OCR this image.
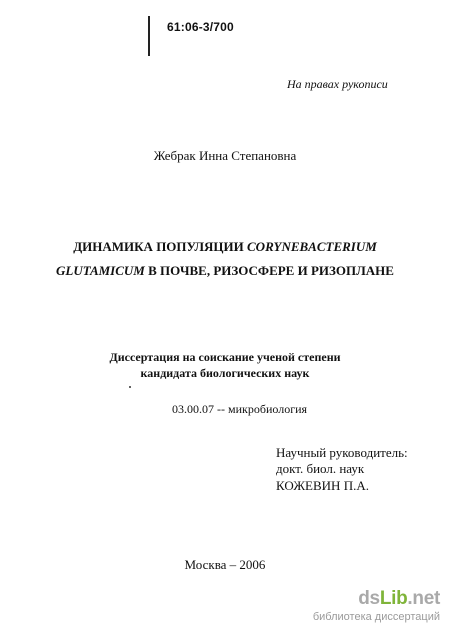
61:06-3/700
На правах рукописи
Жебрак Инна Степановна
ДИНАМИКА ПОПУЛЯЦИИ CORYNEBACTERIUM
GLUTAMICUM В ПОЧВЕ, РИЗОСФЕРЕ И РИЗОПЛАНЕ
Диссертация на соискание ученой степени
кандидата биологических наук
03.00.07 -- микробиология
Научный руководитель:
докт. биол. наук
КОЖЕВИН П.А.
Москва – 2006
dsLib.net
библиотека диссертаций
